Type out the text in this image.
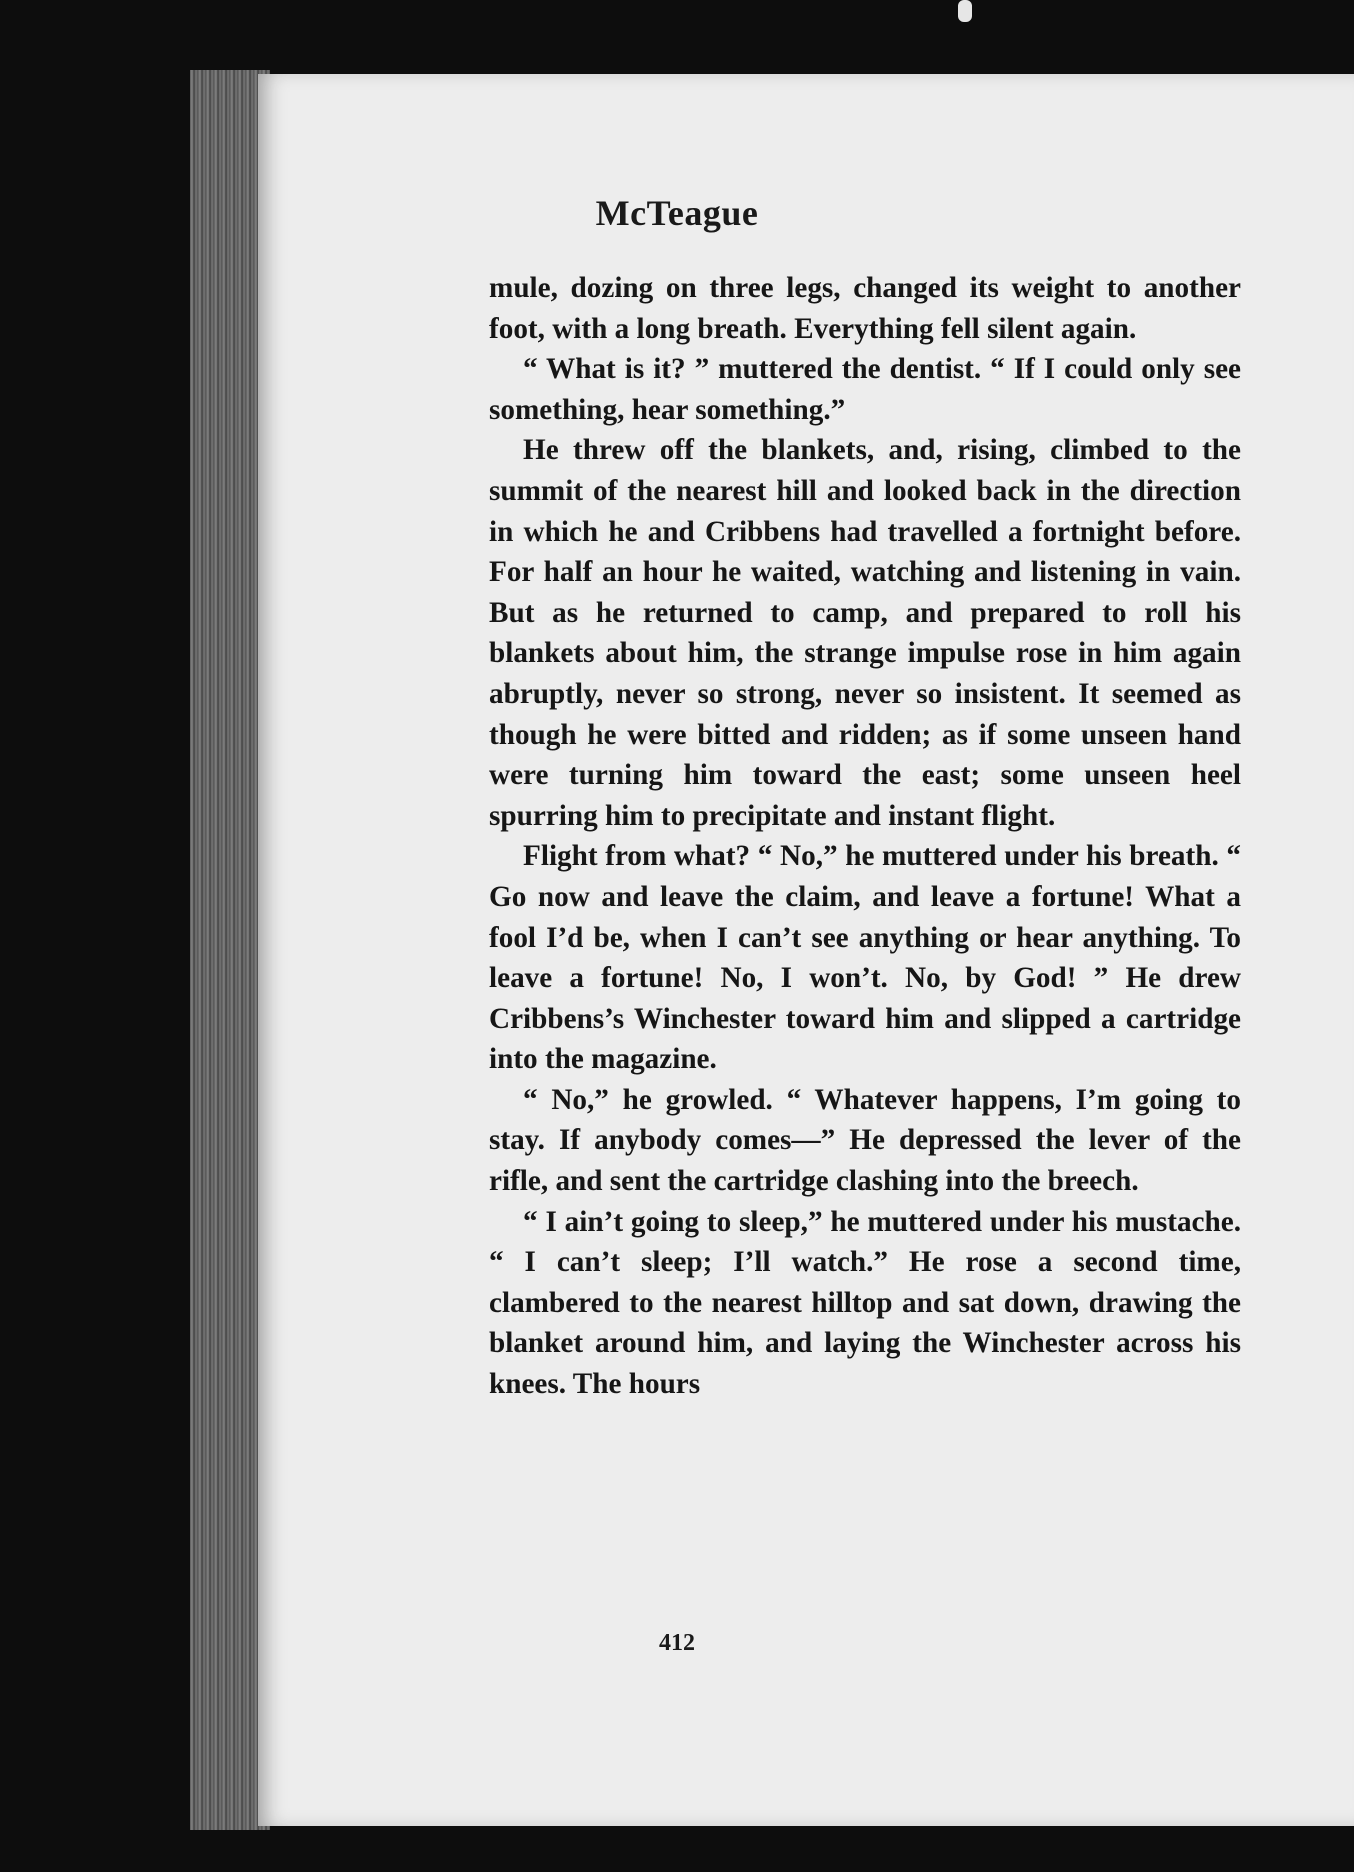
McTeague

mule, dozing on three legs, changed its weight to another foot, with a long breath. Everything fell silent again.

“ What is it? ” muttered the dentist. “ If I could only see something, hear something.”

He threw off the blankets, and, rising, climbed to the summit of the nearest hill and looked back in the direction in which he and Cribbens had travelled a fortnight before. For half an hour he waited, watching and listening in vain. But as he returned to camp, and prepared to roll his blankets about him, the strange impulse rose in him again abruptly, never so strong, never so insistent. It seemed as though he were bitted and ridden; as if some unseen hand were turning him toward the east; some unseen heel spurring him to precipitate and instant flight.

Flight from what? “ No,” he muttered under his breath. “ Go now and leave the claim, and leave a fortune! What a fool I’d be, when I can’t see anything or hear anything. To leave a fortune! No, I won’t. No, by God! ” He drew Cribbens’s Winchester toward him and slipped a cartridge into the magazine.

“ No,” he growled. “ Whatever happens, I’m going to stay. If anybody comes—” He depressed the lever of the rifle, and sent the cartridge clashing into the breech.

“ I ain’t going to sleep,” he muttered under his mustache. “ I can’t sleep; I’ll watch.” He rose a second time, clambered to the nearest hilltop and sat down, drawing the blanket around him, and laying the Winchester across his knees. The hours

412
